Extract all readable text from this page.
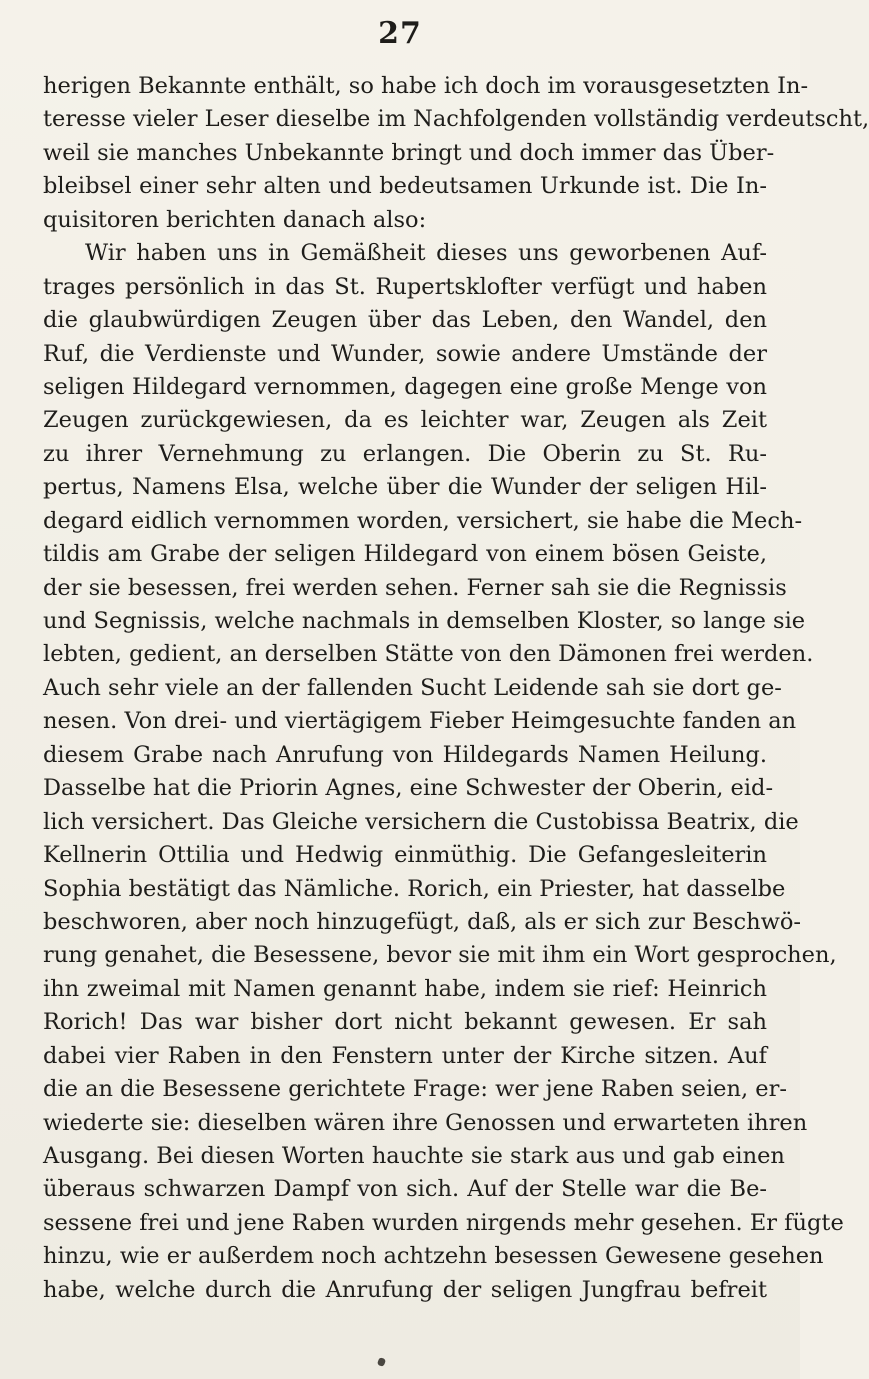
27
herigen Bekannte enthält, so habe ich doch im vorausgesetzten In-
teresse vieler Leser dieselbe im Nachfolgenden vollständig verdeutscht,
weil sie manches Unbekannte bringt und doch immer das Über-
bleibsel einer sehr alten und bedeutsamen Urkunde ist. Die In-
quisitoren berichten danach also:
Wir haben uns in Gemäßheit dieses uns geworbenen Auf-
trages persönlich in das St. Rupertsklofter verfügt und haben
die glaubwürdigen Zeugen über das Leben, den Wandel, den
Ruf, die Verdienste und Wunder, sowie andere Umstände der
seligen Hildegard vernommen, dagegen eine große Menge von
Zeugen zurückgewiesen, da es leichter war, Zeugen als Zeit
zu ihrer Vernehmung zu erlangen. Die Oberin zu St. Ru-
pertus, Namens Elsa, welche über die Wunder der seligen Hil-
degard eidlich vernommen worden, versichert, sie habe die Mech-
tildis am Grabe der seligen Hildegard von einem bösen Geiste,
der sie besessen, frei werden sehen. Ferner sah sie die Regnissis
und Segnissis, welche nachmals in demselben Kloster, so lange sie
lebten, gedient, an derselben Stätte von den Dämonen frei werden.
Auch sehr viele an der fallenden Sucht Leidende sah sie dort ge-
nesen. Von drei- und viertägigem Fieber Heimgesuchte fanden an
diesem Grabe nach Anrufung von Hildegards Namen Heilung.
Dasselbe hat die Priorin Agnes, eine Schwester der Oberin, eid-
lich versichert. Das Gleiche versichern die Custobissa Beatrix, die
Kellnerin Ottilia und Hedwig einmüthig. Die Gefangesleiterin
Sophia bestätigt das Nämliche. Rorich, ein Priester, hat dasselbe
beschworen, aber noch hinzugefügt, daß, als er sich zur Beschwö-
rung genahet, die Besessene, bevor sie mit ihm ein Wort gesprochen,
ihn zweimal mit Namen genannt habe, indem sie rief: Heinrich
Rorich! Das war bisher dort nicht bekannt gewesen. Er sah
dabei vier Raben in den Fenstern unter der Kirche sitzen. Auf
die an die Besessene gerichtete Frage: wer jene Raben seien, er-
wiederte sie: dieselben wären ihre Genossen und erwarteten ihren
Ausgang. Bei diesen Worten hauchte sie stark aus und gab einen
überaus schwarzen Dampf von sich. Auf der Stelle war die Be-
sessene frei und jene Raben wurden nirgends mehr gesehen. Er fügte
hinzu, wie er außerdem noch achtzehn besessen Gewesene gesehen
habe, welche durch die Anrufung der seligen Jungfrau befreit
